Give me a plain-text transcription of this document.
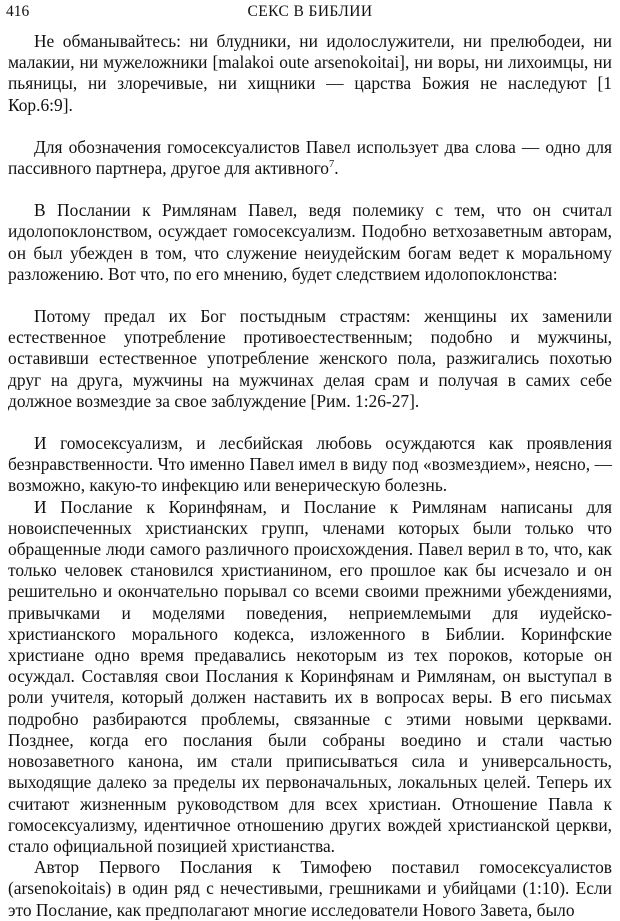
416	СЕКС В БИБЛИИ

Не обманывайтесь: ни блудники, ни идолослужители, ни прелюбодеи, ни малакии, ни мужеложники [malakoi oute arsenokoitai], ни воры, ни лихоимцы, ни пьяницы, ни злоречивые, ни хищники — царства Божия не наследуют [1 Кор.6:9].

Для обозначения гомосексуалистов Павел использует два слова — одно для пассивного партнера, другое для активного$^7$.

В Послании к Римлянам Павел, ведя полемику с тем, что он считал идолопоклонством, осуждает гомосексуализм. Подобно ветхозаветным авторам, он был убежден в том, что служение неиудейским богам ведет к моральному разложению. Вот что, по его мнению, будет следствием идолопоклонства:

Потому предал их Бог постыдным страстям: женщины их заменили естественное употребление противоестественным; подобно и мужчины, оставивши естественное употребление женского пола, разжигались похотью друг на друга, мужчины на мужчинах делая срам и получая в самих себе должное возмездие за свое заблуждение [Рим. 1:26-27].

И гомосексуализм, и лесбийская любовь осуждаются как проявления безнравственности. Что именно Павел имел в виду под «возмездием», неясно, — возможно, какую-то инфекцию или венерическую болезнь.

И Послание к Коринфянам, и Послание к Римлянам написаны для новоиспеченных христианских групп, членами которых были только что обращенные люди самого различного происхождения. Павел верил в то, что, как только человек становился христианином, его прошлое как бы исчезало и он решительно и окончательно порывал со всеми своими прежними убеждениями, привычками и моделями поведения, неприемлемыми для иудейско-христианского морального кодекса, изложенного в Библии. Коринфские христиане одно время предавались некоторым из тех пороков, которые он осуждал. Составляя свои Послания к Коринфянам и Римлянам, он выступал в роли учителя, который должен наставить их в вопросах веры. В его письмах подробно разбираются проблемы, связанные с этими новыми церквами. Позднее, когда его послания были собраны воедино и стали частью новозаветного канона, им стали приписываться сила и универсальность, выходящие далеко за пределы их первоначальных, локальных целей. Теперь их считают жизненным руководством для всех христиан. Отношение Павла к гомосексуализму, идентичное отношению других вождей христианской церкви, стало официальной позицией христианства.

Автор Первого Послания к Тимофею поставил гомосексуалистов (arsenokoitais) в один ряд с нечестивыми, грешниками и убийцами (1:10). Если это Послание, как предполагают многие исследователи Нового Завета, было
